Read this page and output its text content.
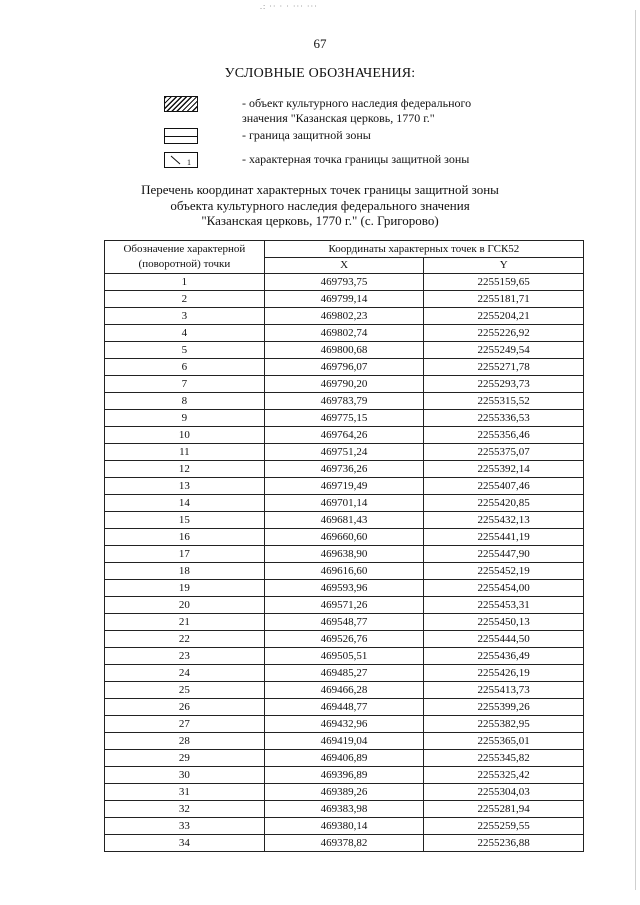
.: ·· · · ··· ···
67
УСЛОВНЫЕ ОБОЗНАЧЕНИЯ:
- объект культурного наследия федерального значения "Казанская церковь, 1770 г."
- граница защитной зоны
1	- характерная точка границы защитной зоны
Перечень координат характерных точек границы защитной зоны
объекта культурного наследия федерального значения
"Казанская церковь, 1770 г." (с. Григорово)
Обозначение характерной (поворотной) точки	Координаты характерных точек в ГСК52	
	X	Y
1	469793,75	2255159,65
2	469799,14	2255181,71
3	469802,23	2255204,21
4	469802,74	2255226,92
5	469800,68	2255249,54
6	469796,07	2255271,78
7	469790,20	2255293,73
8	469783,79	2255315,52
9	469775,15	2255336,53
10	469764,26	2255356,46
11	469751,24	2255375,07
12	469736,26	2255392,14
13	469719,49	2255407,46
14	469701,14	2255420,85
15	469681,43	2255432,13
16	469660,60	2255441,19
17	469638,90	2255447,90
18	469616,60	2255452,19
19	469593,96	2255454,00
20	469571,26	2255453,31
21	469548,77	2255450,13
22	469526,76	2255444,50
23	469505,51	2255436,49
24	469485,27	2255426,19
25	469466,28	2255413,73
26	469448,77	2255399,26
27	469432,96	2255382,95
28	469419,04	2255365,01
29	469406,89	2255345,82
30	469396,89	2255325,42
31	469389,26	2255304,03
32	469383,98	2255281,94
33	469380,14	2255259,55
34	469378,82	2255236,88
